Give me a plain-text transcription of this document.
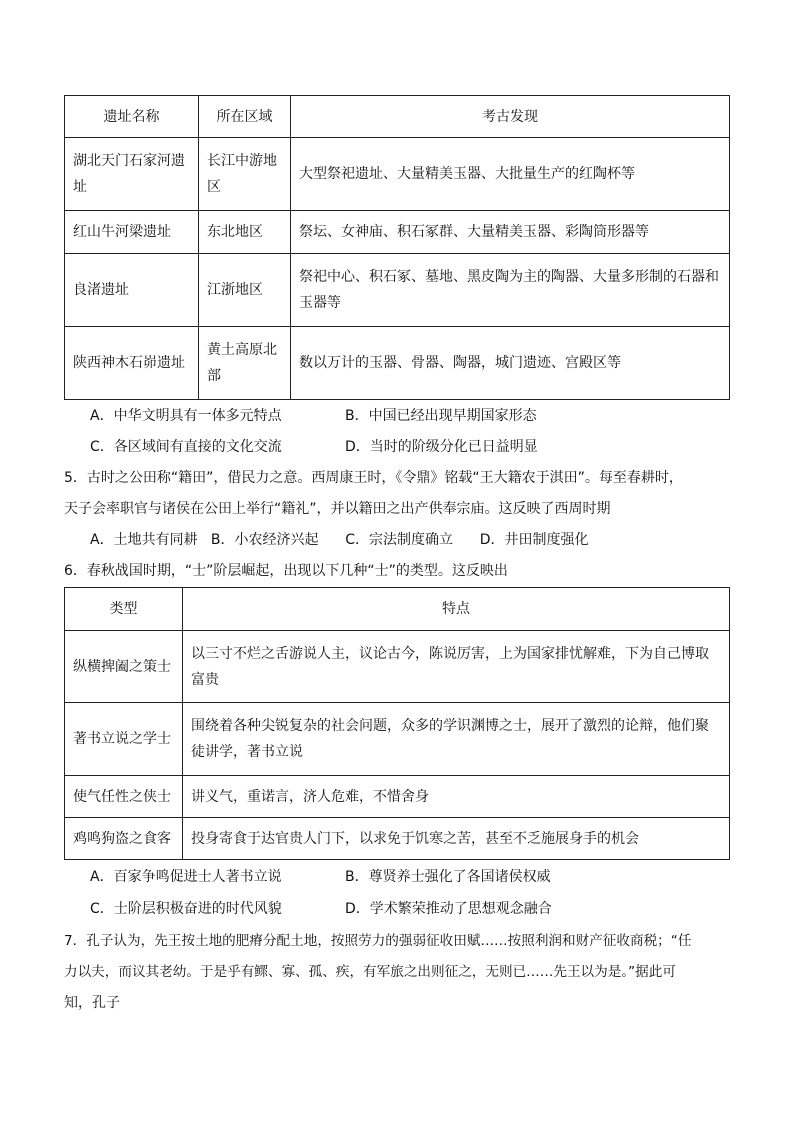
遗址名称	所在区域	考古发现
湖北天门石家河遗址	长江中游地区	大型祭祀遗址、大量精美玉器、大批量生产的红陶杯等
红山牛河梁遗址	东北地区	祭坛、女神庙、积石冢群、大量精美玉器、彩陶筒形器等
良渚遗址	江浙地区	祭祀中心、积石冢、墓地、黑皮陶为主的陶器、大量多形制的石器和玉器等
陕西神木石峁遗址	黄土高原北部	数以万计的玉器、骨器、陶器，城门遗迹、宫殿区等
A．中华文明具有一体多元特点	B．中国已经出现早期国家形态
C．各区域间有直接的文化交流	D．当时的阶级分化已日益明显
5．古时之公田称“籍田”，借民力之意。西周康王时，《令鼎》铭载“王大籍农于淇田”。每至春耕时，
天子会率职官与诸侯在公田上举行“籍礼”，并以籍田之出产供奉宗庙。这反映了西周时期
A．土地共有同耕   B．小农经济兴起      C．宗法制度确立      D．井田制度强化
6．春秋战国时期，“士”阶层崛起，出现以下几种“士”的类型。这反映出
类型	特点
纵横捭阖之策士	以三寸不烂之舌游说人主，议论古今，陈说厉害，上为国家排忧解难，下为自己博取富贵
著书立说之学士	围绕着各种尖锐复杂的社会问题，众多的学识渊博之士，展开了激烈的论辩，他们聚徒讲学，著书立说
使气任性之侠士	讲义气，重诺言，济人危难，不惜舍身
鸡鸣狗盗之食客	投身寄食于达官贵人门下，以求免于饥寒之苦，甚至不乏施展身手的机会
A．百家争鸣促进士人著书立说	B．尊贤养士强化了各国诸侯权威
C．士阶层积极奋进的时代风貌	D．学术繁荣推动了思想观念融合
7．孔子认为，先王按土地的肥瘠分配土地，按照劳力的强弱征收田赋……按照利润和财产征收商税；“任
力以夫，而议其老幼。于是乎有鳏、寡、孤、疾，有军旅之出则征之，无则已……先王以为是。”据此可
知，孔子
